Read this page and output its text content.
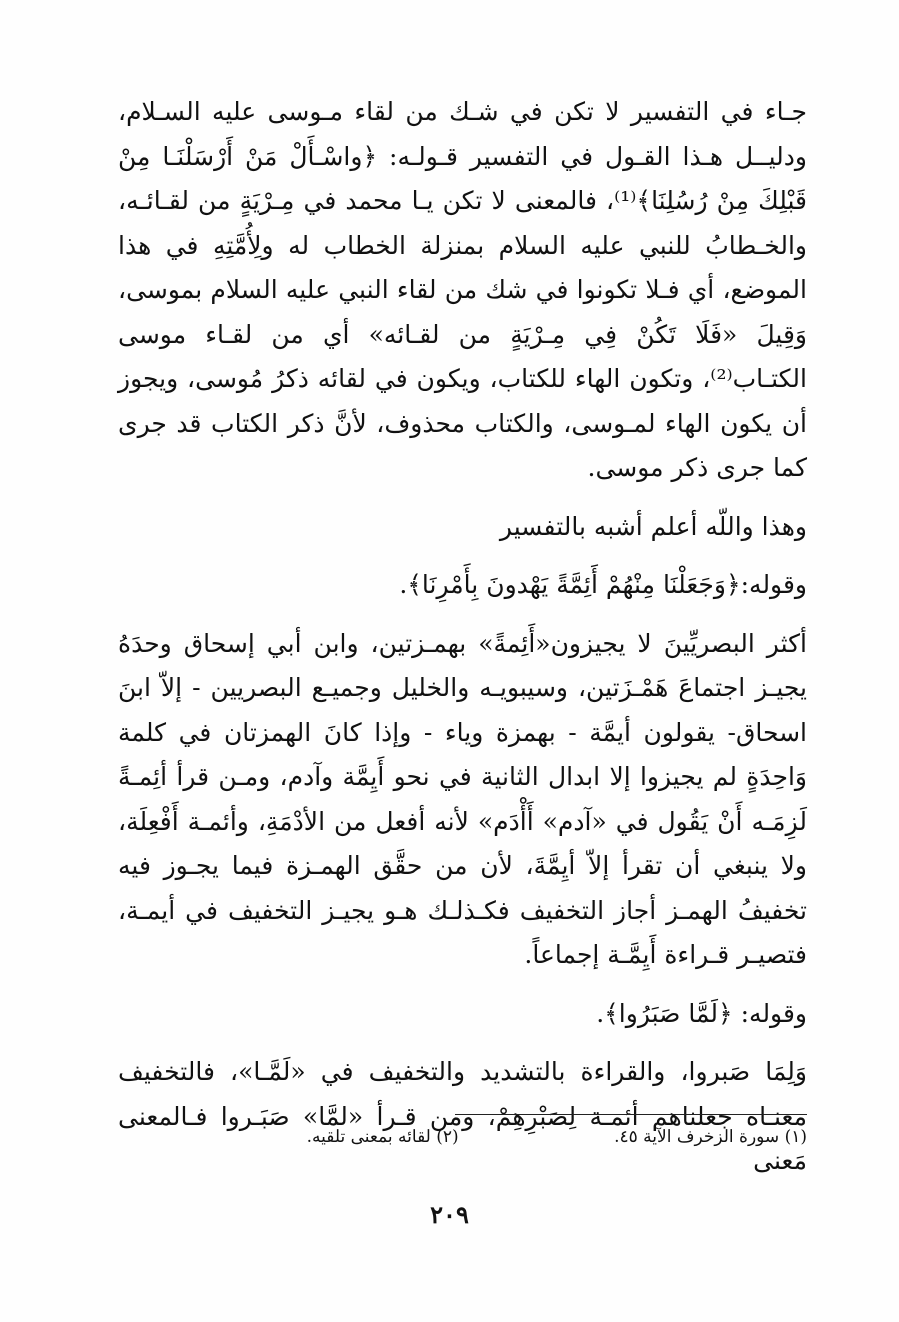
جـاء في التفسير لا تكن في شـك من لقاء مـوسى عليه السـلام، ودليــل هـذا القـول في التفسير قـولـه: ﴿واسْـأَلْ مَنْ أَرْسَلْنَـا مِنْ قَبْلِكَ مِنْ رُسُلِنَا﴾⁽¹⁾، فالمعنى لا تكن يـا محمد في مِـرْيَةٍ من لقـائـه، والخـطابُ للنبي عليه السلام بمنزلة الخطاب له ولِأُمَّتِهِ في هذا الموضع، أي فـلا تكونوا في شك من لقاء النبي عليه السلام بموسى، وَقِيلَ «فَلَا تَكُنْ فِي مِـرْيَةٍ من لقـائه» أي من لقـاء موسى الكتـاب⁽²⁾، وتكون الهاء للكتاب، ويكون في لقائه ذكرُ مُوسى، ويجوز أن يكون الهاء لمـوسى، والكتاب محذوف، لأنَّ ذكر الكتاب قد جرى كما جرى ذكر موسى.

وهذا واللّه أعلم أشبه بالتفسير

وقوله:﴿وَجَعَلْنَا مِنْهُمْ أَئِمَّةً يَهْدونَ بِأَمْرِنَا﴾.

أكثر البصريِّينَ لا يجيزون«أَئِمةً» بهمـزتين، وابن أبي إسحاق وحدَهُ يجيـز اجتماعَ هَمْـزَتين، وسيبويـه والخليل وجميـع البصريين - إلاّ ابنَ اسحاق- يقولون أيمَّة - بهمزة وياء - وإذا كانَ الهمزتان في كلمة وَاحِدَةٍ لم يجيزوا إلا ابدال الثانية في نحو أَيِمَّة وآدم، ومـن قرأ أئِمـةً لَزِمَـه أَنْ يَقُول في «آدم» أَأْدَم» لأنه أفعل من الأدْمَةِ، وأئمـة أَفْعِلَة، ولا ينبغي أن تقرأ إلاّ أيِمَّةَ، لأن من حقَّق الهمـزة فيما يجـوز فيه تخفيفُ الهمـز أجاز التخفيف فكـذلـك هـو يجيـز التخفيف في أيمـة، فتصيـر قـراءة أَيِمَّـة إجماعاً.

وقوله: ﴿لَمَّا صَبَرُوا﴾.

وَلِمَا صَبروا، والقراءة بالتشديد والتخفيف في «لَمَّـا»، فالتخفيف معنـاه جعلناهم أئمـة لِصَبْرِهِمْ، ومن قـرأ «لمَّا» صَبَـروا فـالمعنى مَعنى

(١) سورة الزخرف الآية ٤٥. (٢) لقائه بمعنى تلقيه.
٢٠٩
